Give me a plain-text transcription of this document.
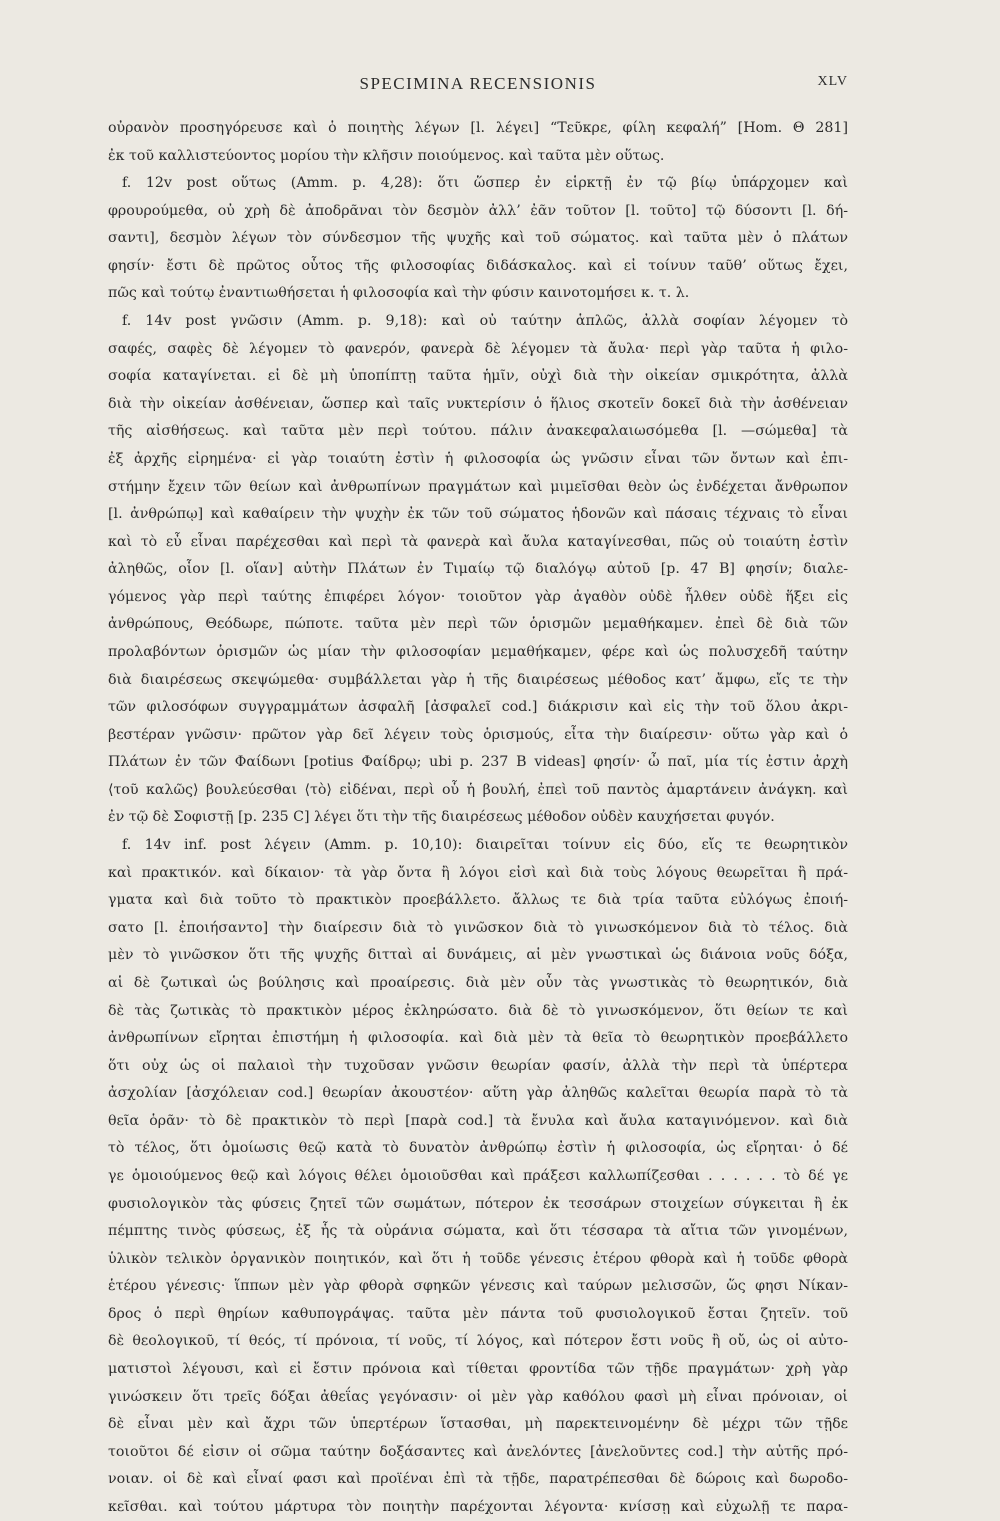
SPECIMINA RECENSIONIS	XLV
οὐρανὸν προσηγόρευσε καὶ ὁ ποιητὴς λέγων [l. λέγει] “Τεῦκρε, φίλη κεφαλή” [Hom. Θ 281]
ἐκ τοῦ καλλιστεύοντος μορίου τὴν κλῆσιν ποιούμενος. καὶ ταῦτα μὲν οὕτως.
f. 12v post οὕτως (Amm. p. 4,28): ὅτι ὥσπερ ἐν εἱρκτῇ ἐν τῷ βίῳ ὑπάρχομεν καὶ
φρουρούμεθα, οὐ χρὴ δὲ ἀποδρᾶναι τὸν δεσμὸν ἀλλ’ ἐᾶν τοῦτον [l. τοῦτο] τῷ δύσοντι [l. δή-
σαντι], δεσμὸν λέγων τὸν σύνδεσμον τῆς ψυχῆς καὶ τοῦ σώματος. καὶ ταῦτα μὲν ὁ πλάτων
φησίν· ἔστι δὲ πρῶτος οὗτος τῆς φιλοσοφίας διδάσκαλος. καὶ εἰ τοίνυν ταῦθ’ οὕτως ἔχει,
πῶς καὶ τούτῳ ἐναντιωθήσεται ἡ φιλοσοφία καὶ τὴν φύσιν καινοτομήσει κ. τ. λ.
f. 14v post γνῶσιν (Amm. p. 9,18): καὶ οὐ ταύτην ἁπλῶς, ἀλλὰ σοφίαν λέγομεν τὸ
σαφές, σαφὲς δὲ λέγομεν τὸ φανερόν, φανερὰ δὲ λέγομεν τὰ ἄυλα· περὶ γὰρ ταῦτα ἡ φιλο-
σοφία καταγίνεται. εἰ δὲ μὴ ὑποπίπτῃ ταῦτα ἡμῖν, οὐχὶ διὰ τὴν οἰκείαν σμικρότητα, ἀλλὰ
διὰ τὴν οἰκείαν ἀσθένειαν, ὥσπερ καὶ ταῖς νυκτερίσιν ὁ ἥλιος σκοτεῖν δοκεῖ διὰ τὴν ἀσθένειαν
τῆς αἰσθήσεως. καὶ ταῦτα μὲν περὶ τούτου. πάλιν ἀνακεφαλαιωσόμεθα [l. —σώμεθα] τὰ
ἐξ ἀρχῆς εἰρημένα· εἰ γὰρ τοιαύτη ἐστὶν ἡ φιλοσοφία ὡς γνῶσιν εἶναι τῶν ὄντων καὶ ἐπι-
στήμην ἔχειν τῶν θείων καὶ ἀνθρωπίνων πραγμάτων καὶ μιμεῖσθαι θεὸν ὡς ἐνδέχεται ἄνθρωπον
[l. ἀνθρώπῳ] καὶ καθαίρειν τὴν ψυχὴν ἐκ τῶν τοῦ σώματος ἡδονῶν καὶ πάσαις τέχναις τὸ εἶναι
καὶ τὸ εὖ εἶναι παρέχεσθαι καὶ περὶ τὰ φανερὰ καὶ ἄυλα καταγίνεσθαι, πῶς οὐ τοιαύτη ἐστὶν
ἀληθῶς, οἷον [l. οἵαν] αὐτὴν Πλάτων ἐν Τιμαίῳ τῷ διαλόγῳ αὐτοῦ [p. 47 B] φησίν; διαλε-
γόμενος γὰρ περὶ ταύτης ἐπιφέρει λόγον· τοιοῦτον γὰρ ἀγαθὸν οὐδὲ ἦλθεν οὐδὲ ἥξει εἰς
ἀνθρώπους, Θεόδωρε, πώποτε. ταῦτα μὲν περὶ τῶν ὁρισμῶν μεμαθήκαμεν. ἐπεὶ δὲ διὰ τῶν
προλαβόντων ὁρισμῶν ὡς μίαν τὴν φιλοσοφίαν μεμαθήκαμεν, φέρε καὶ ὡς πολυσχεδῆ ταύτην
διὰ διαιρέσεως σκεψώμεθα· συμβάλλεται γὰρ ἡ τῆς διαιρέσεως μέθοδος κατ’ ἄμφω, εἴς τε τὴν
τῶν φιλοσόφων συγγραμμάτων ἀσφαλῆ [ἀσφαλεῖ cod.] διάκρισιν καὶ εἰς τὴν τοῦ ὅλου ἀκρι-
βεστέραν γνῶσιν· πρῶτον γὰρ δεῖ λέγειν τοὺς ὁρισμούς, εἶτα τὴν διαίρεσιν· οὕτω γὰρ καὶ ὁ
Πλάτων ἐν τῶν Φαίδωνι [potius Φαίδρῳ; ubi p. 237 B videas] φησίν· ὦ παῖ, μία τίς ἐστιν ἀρχὴ
⟨τοῦ καλῶς⟩ βουλεύεσθαι ⟨τὸ⟩ εἰδέναι, περὶ οὗ ἡ βουλή, ἐπεὶ τοῦ παντὸς ἁμαρτάνειν ἀνάγκη. καὶ
ἐν τῷ δὲ Σοφιστῇ [p. 235 C] λέγει ὅτι τὴν τῆς διαιρέσεως μέθοδον οὐδὲν καυχήσεται φυγόν.
f. 14v inf. post λέγειν (Amm. p. 10,10): διαιρεῖται τοίνυν εἰς δύο, εἴς τε θεωρητικὸν
καὶ πρακτικόν. καὶ δίκαιον· τὰ γὰρ ὄντα ἢ λόγοι εἰσὶ καὶ διὰ τοὺς λόγους θεωρεῖται ἢ πρά-
γματα καὶ διὰ τοῦτο τὸ πρακτικὸν προεβάλλετο. ἄλλως τε διὰ τρία ταῦτα εὐλόγως ἐποιή-
σατο [l. ἐποιήσαντο] τὴν διαίρεσιν διὰ τὸ γινῶσκον διὰ τὸ γινωσκόμενον διὰ τὸ τέλος. διὰ
μὲν τὸ γινῶσκον ὅτι τῆς ψυχῆς διτταὶ αἱ δυνάμεις, αἱ μὲν γνωστικαὶ ὡς διάνοια νοῦς δόξα,
αἱ δὲ ζωτικαὶ ὡς βούλησις καὶ προαίρεσις. διὰ μὲν οὖν τὰς γνωστικὰς τὸ θεωρητικόν, διὰ
δὲ τὰς ζωτικὰς τὸ πρακτικὸν μέρος ἐκληρώσατο. διὰ δὲ τὸ γινωσκόμενον, ὅτι θείων τε καὶ
ἀνθρωπίνων εἴρηται ἐπιστήμη ἡ φιλοσοφία. καὶ διὰ μὲν τὰ θεῖα τὸ θεωρητικὸν προεβάλλετο
ὅτι οὐχ ὡς οἱ παλαιοὶ τὴν τυχοῦσαν γνῶσιν θεωρίαν φασίν, ἀλλὰ τὴν περὶ τὰ ὑπέρτερα
ἀσχολίαν [ἀσχόλειαν cod.] θεωρίαν ἀκουστέον· αὕτη γὰρ ἀληθῶς καλεῖται θεωρία παρὰ τὸ τὰ
θεῖα ὁρᾶν· τὸ δὲ πρακτικὸν τὸ περὶ [παρὰ cod.] τὰ ἔνυλα καὶ ἄυλα καταγινόμενον. καὶ διὰ
τὸ τέλος, ὅτι ὁμοίωσις θεῷ κατὰ τὸ δυνατὸν ἀνθρώπῳ ἐστὶν ἡ φιλοσοφία, ὡς εἴρηται· ὁ δέ
γε ὁμοιούμενος θεῷ καὶ λόγοις θέλει ὁμοιοῦσθαι καὶ πράξεσι καλλωπίζεσθαι . . . . . . τὸ δέ γε
φυσιολογικὸν τὰς φύσεις ζητεῖ τῶν σωμάτων, πότερον ἐκ τεσσάρων στοιχείων σύγκειται ἢ ἐκ
πέμπτης τινὸς φύσεως, ἐξ ἧς τὰ οὐράνια σώματα, καὶ ὅτι τέσσαρα τὰ αἴτια τῶν γινομένων,
ὑλικὸν τελικὸν ὀργανικὸν ποιητικόν, καὶ ὅτι ἡ τοῦδε γένεσις ἑτέρου φθορὰ καὶ ἡ τοῦδε φθορὰ
ἑτέρου γένεσις· ἵππων μὲν γὰρ φθορὰ σφηκῶν γένεσις καὶ ταύρων μελισσῶν, ὥς φησι Νίκαν-
δρος ὁ περὶ θηρίων καθυπογράψας. ταῦτα μὲν πάντα τοῦ φυσιολογικοῦ ἔσται ζητεῖν. τοῦ
δὲ θεολογικοῦ, τί θεός, τί πρόνοια, τί νοῦς, τί λόγος, καὶ πότερον ἔστι νοῦς ἢ οὔ, ὡς οἱ αὐτο-
ματιστοὶ λέγουσι, καὶ εἰ ἔστιν πρόνοια καὶ τίθεται φροντίδα τῶν τῇδε πραγμάτων· χρὴ γὰρ
γινώσκειν ὅτι τρεῖς δόξαι ἀθεΐας γεγόνασιν· οἱ μὲν γὰρ καθόλου φασὶ μὴ εἶναι πρόνοιαν, οἱ
δὲ εἶναι μὲν καὶ ἄχρι τῶν ὑπερτέρων ἵστασθαι, μὴ παρεκτεινομένην δὲ μέχρι τῶν τῇδε
τοιοῦτοι δέ εἰσιν οἱ σῶμα ταύτην δοξάσαντες καὶ ἀνελόντες [ἀνελοῦντες cod.] τὴν αὐτῆς πρό-
νοιαν. οἱ δὲ καὶ εἶναί φασι καὶ προϊέναι ἐπὶ τὰ τῇδε, παρατρέπεσθαι δὲ δώροις καὶ δωροδο-
κεῖσθαι. καὶ τούτου μάρτυρα τὸν ποιητὴν παρέχονται λέγοντα· κνίσσῃ καὶ εὐχωλῇ τε παρα-
